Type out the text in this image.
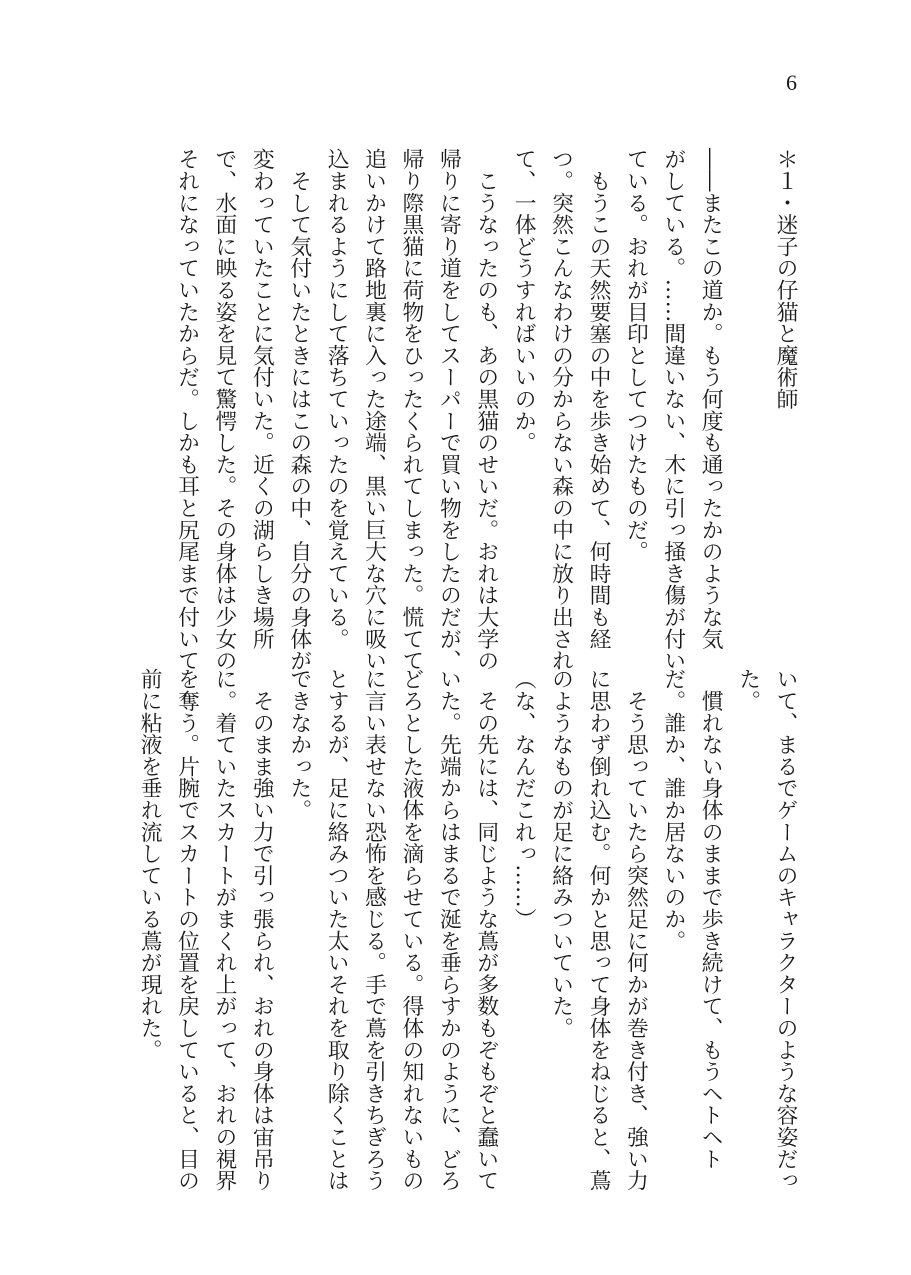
6
＊１・迷子の仔猫と魔術師
――またこの道か。もう何度も通ったかのような気
がしている。……間違いない、木に引っ掻き傷が付い
ている。おれが目印としてつけたものだ。
　もうこの天然要塞の中を歩き始めて、何時間も経
つ。突然こんなわけの分からない森の中に放り出され
て、一体どうすればいいのか。
　こうなったのも、あの黒猫のせいだ。おれは大学の
帰りに寄り道をしてスーパーで買い物をしたのだが、
帰り際黒猫に荷物をひったくられてしまった。慌てて
追いかけて路地裏に入った途端、黒い巨大な穴に吸い
込まれるようにして落ちていったのを覚えている。
　そして気付いたときにはこの森の中、自分の身体が
変わっていたことに気付いた。近くの湖らしき場所
で、水面に映る姿を見て驚愕した。その身体は少女の
それになっていたからだ。しかも耳と尻尾まで付いて
いて、まるでゲームのキャラクターのような容姿だっ
た。
　慣れない身体のままで歩き続けて、もうヘトヘト
だ。誰か、誰か居ないのか。
　そう思っていたら突然足に何かが巻き付き、強い力
に思わず倒れ込む。何かと思って身体をねじると、蔦
のようなものが足に絡みついていた。
（な、なんだこれっ……）
　その先には、同じような蔦が多数もぞもぞと蠢いて
いた。先端からはまるで涎を垂らすかのように、どろ
どろとした液体を滴らせている。得体の知れないもの
に言い表せない恐怖を感じる。手で蔦を引きちぎろう
とするが、足に絡みついた太いそれを取り除くことは
できなかった。
　そのまま強い力で引っ張られ、おれの身体は宙吊り
に。着ていたスカートがまくれ上がって、おれの視界
を奪う。片腕でスカートの位置を戻していると、目の
前に粘液を垂れ流している蔦が現れた。
